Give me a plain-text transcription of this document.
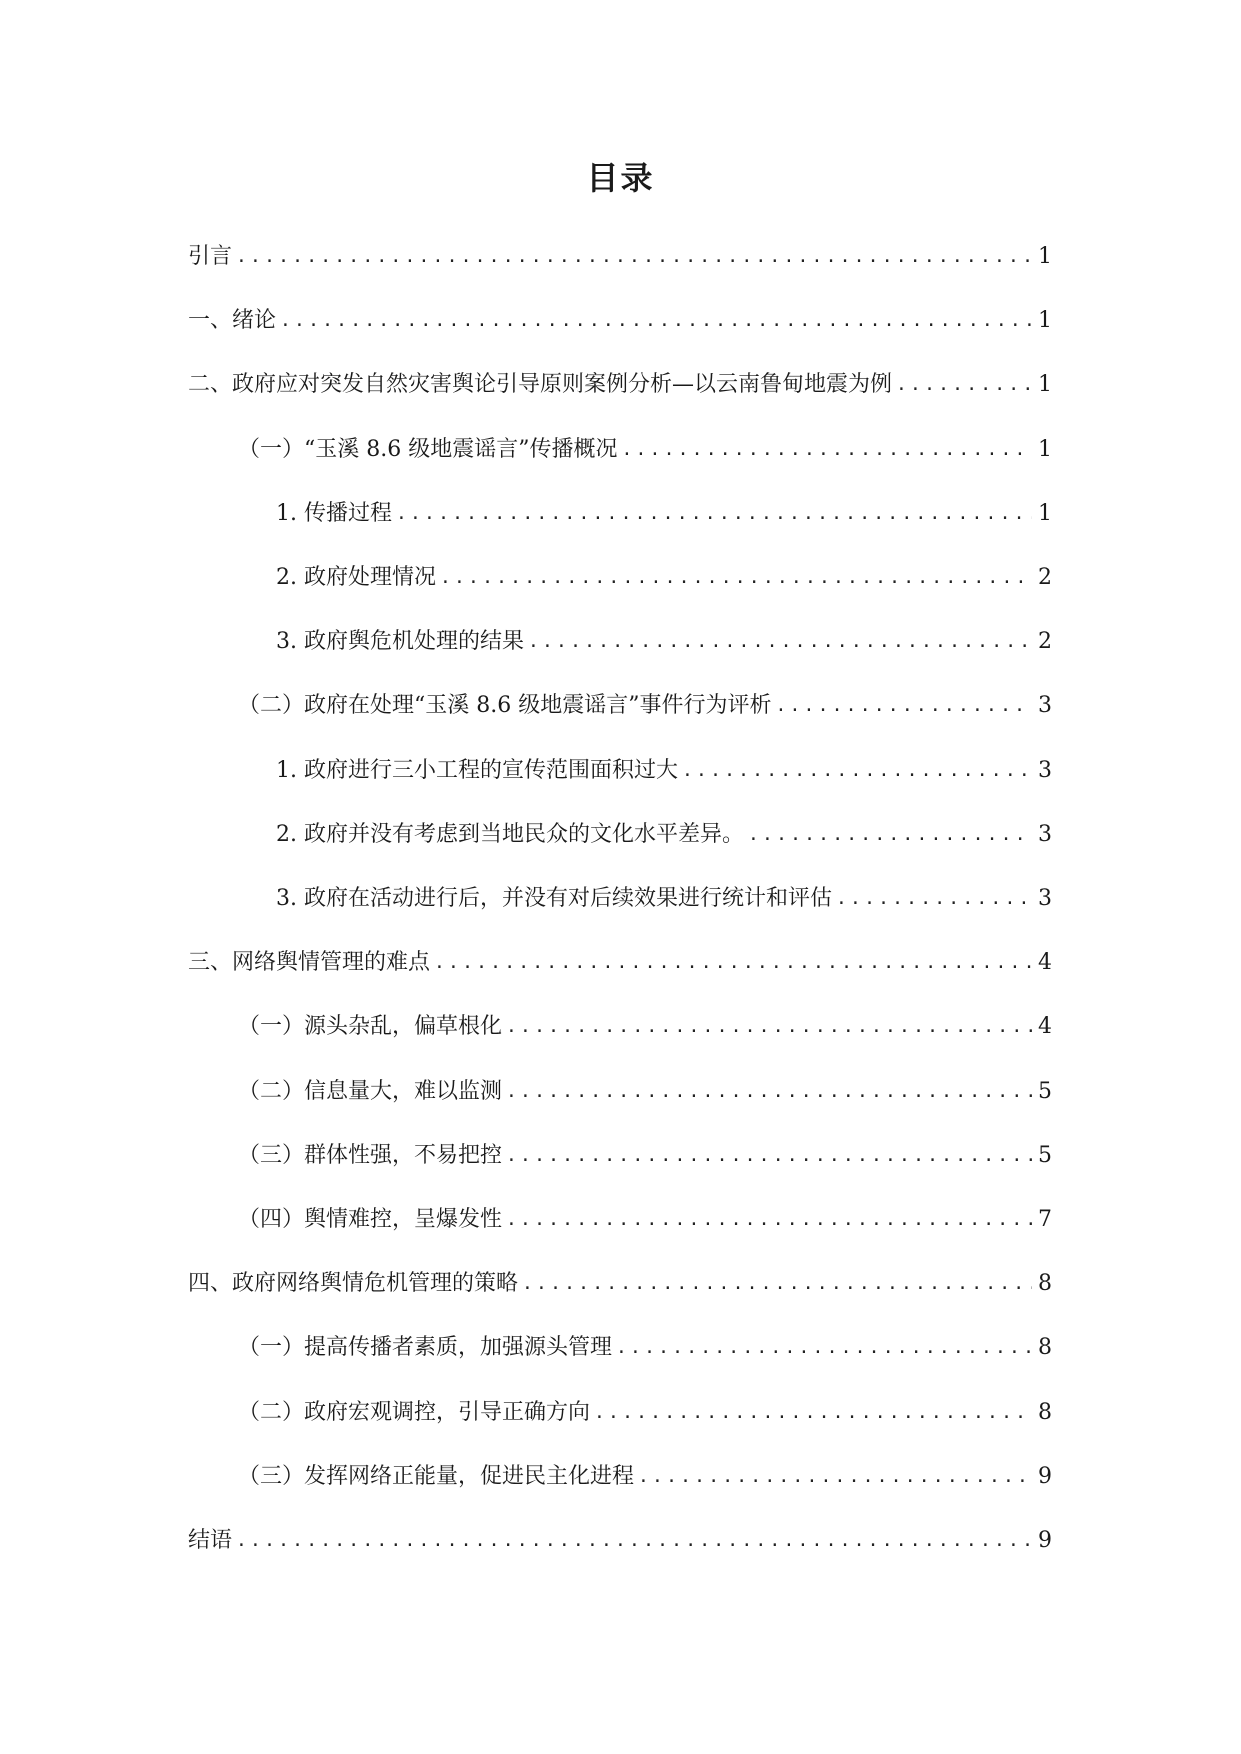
目录
引言 .....	1
一、绪论 .....	1
二、政府应对突发自然灾害舆论引导原则案例分析—以云南鲁甸地震为例 .....	1
（一）“玉溪 8.6 级地震谣言”传播概况 .....	1
1. 传播过程 .....	1
2. 政府处理情况 .....	2
3. 政府舆危机处理的结果 .....	2
（二）政府在处理“玉溪 8.6 级地震谣言”事件行为评析 .....	3
1. 政府进行三小工程的宣传范围面积过大 .....	3
2. 政府并没有考虑到当地民众的文化水平差异。 .....	3
3. 政府在活动进行后，并没有对后续效果进行统计和评估 .....	3
三、网络舆情管理的难点 .....	4
（一）源头杂乱，偏草根化 .....	4
（二）信息量大，难以监测 .....	5
（三）群体性强，不易把控 .....	5
（四）舆情难控，呈爆发性 .....	7
四、政府网络舆情危机管理的策略 .....	8
（一）提高传播者素质，加强源头管理 .....	8
（二）政府宏观调控，引导正确方向 .....	8
（三）发挥网络正能量，促进民主化进程 .....	9
结语 .....	9
